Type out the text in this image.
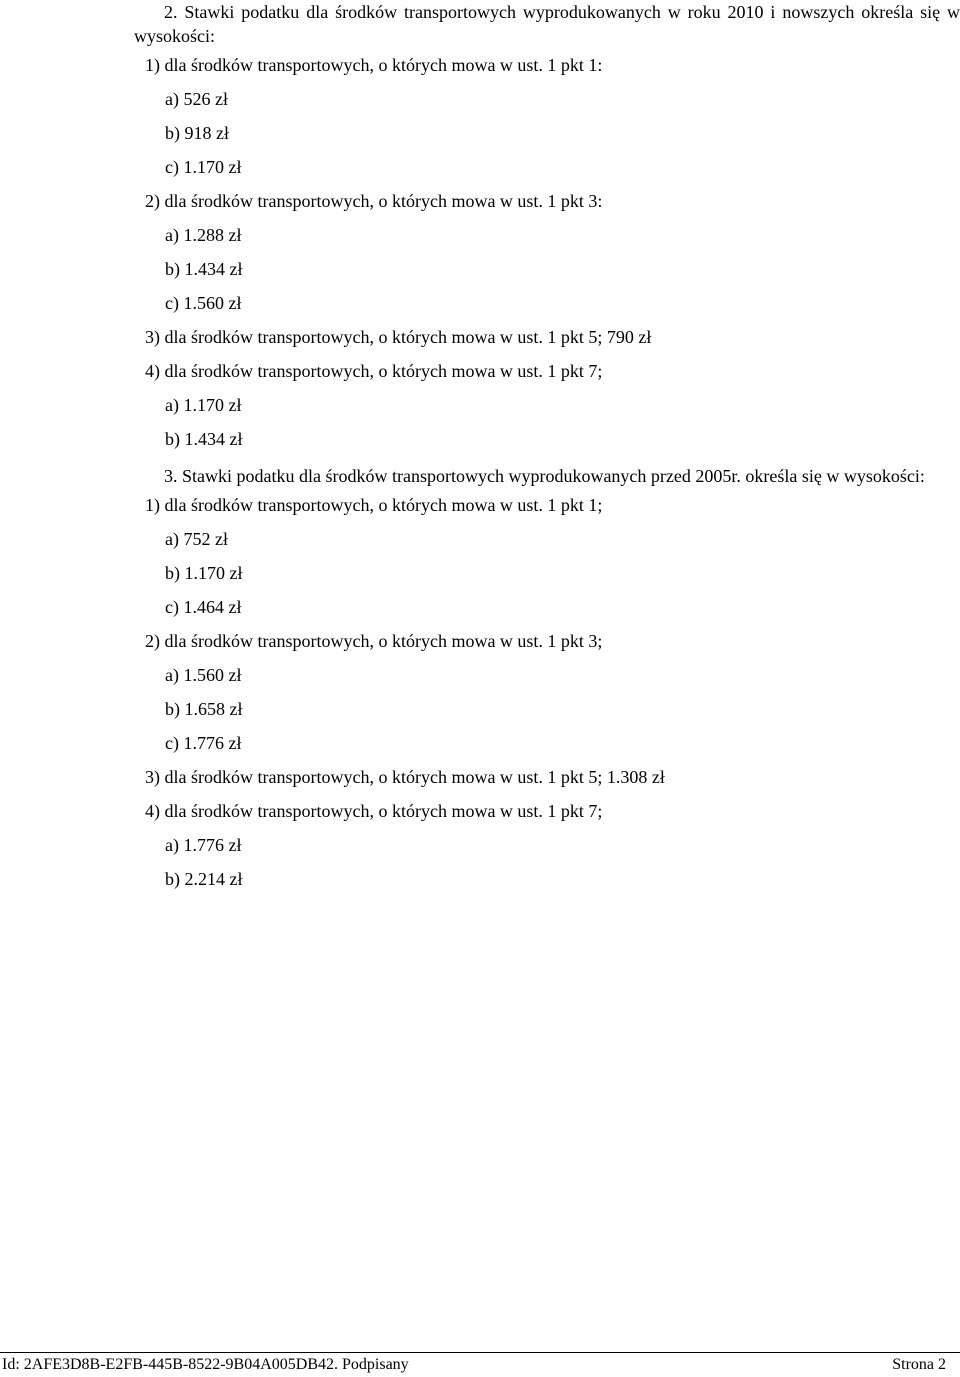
2. Stawki podatku dla środków transportowych wyprodukowanych w roku 2010 i nowszych określa się w wysokości:

1) dla środków transportowych, o których mowa w ust. 1 pkt 1:
a) 526 zł
b) 918 zł
c) 1.170 zł
2) dla środków transportowych, o których mowa w ust. 1 pkt 3:
a) 1.288 zł
b) 1.434 zł
c) 1.560 zł
3) dla środków transportowych, o których mowa w ust. 1 pkt 5; 790 zł
4) dla środków transportowych, o których mowa w ust. 1 pkt 7;
a) 1.170 zł
b) 1.434 zł

3. Stawki podatku dla środków transportowych wyprodukowanych przed 2005r. określa się w wysokości:

1) dla środków transportowych, o których mowa w ust. 1 pkt 1;
a) 752 zł
b) 1.170 zł
c) 1.464 zł
2) dla środków transportowych, o których mowa w ust. 1 pkt 3;
a) 1.560 zł
b) 1.658 zł
c) 1.776 zł
3) dla środków transportowych, o których mowa w ust. 1 pkt 5; 1.308 zł
4) dla środków transportowych, o których mowa w ust. 1 pkt 7;
a) 1.776 zł
b) 2.214 zł
Id: 2AFE3D8B-E2FB-445B-8522-9B04A005DB42. Podpisany	Strona 2
